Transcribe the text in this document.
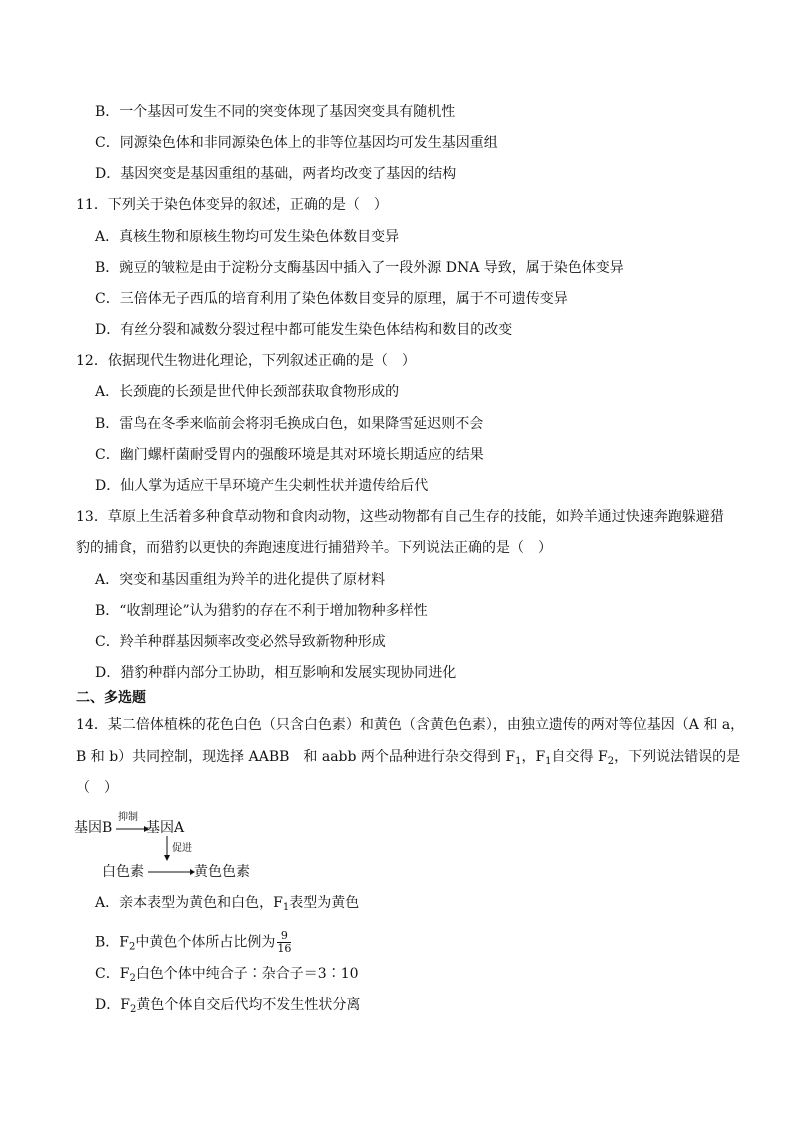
B．一个基因可发生不同的突变体现了基因突变具有随机性
C．同源染色体和非同源染色体上的非等位基因均可发生基因重组
D．基因突变是基因重组的基础，两者均改变了基因的结构
11．下列关于染色体变异的叙述，正确的是（　）
A．真核生物和原核生物均可发生染色体数目变异
B．豌豆的皱粒是由于淀粉分支酶基因中插入了一段外源 DNA 导致，属于染色体变异
C．三倍体无子西瓜的培育利用了染色体数目变异的原理，属于不可遗传变异
D．有丝分裂和减数分裂过程中都可能发生染色体结构和数目的改变
12．依据现代生物进化理论，下列叙述正确的是（　）
A．长颈鹿的长颈是世代伸长颈部获取食物形成的
B．雷鸟在冬季来临前会将羽毛换成白色，如果降雪延迟则不会
C．幽门螺杆菌耐受胃内的强酸环境是其对环境长期适应的结果
D．仙人掌为适应干旱环境产生尖刺性状并遗传给后代
13．草原上生活着多种食草动物和食肉动物，这些动物都有自己生存的技能，如羚羊通过快速奔跑躲避猎
豹的捕食，而猎豹以更快的奔跑速度进行捕猎羚羊。下列说法正确的是（　）
A．突变和基因重组为羚羊的进化提供了原材料
B．“收割理论”认为猎豹的存在不利于增加物种多样性
C．羚羊种群基因频率改变必然导致新物种形成
D．猎豹种群内部分工协助，相互影响和发展实现协同进化
二、多选题
14．某二倍体植株的花色白色（只含白色素）和黄色（含黄色色素），由独立遗传的两对等位基因（A 和 a，
B 和 b）共同控制，现选择 AABB　和 aabb 两个品种进行杂交得到 $F_1$，$F_1$自交得 $F_2$，下列说法错误的是
（　）
基因B
抑制
基因A
促进
白色素	黄色色素
A．亲本表型为黄色和白色，$F_1$表型为黄色
B．$F_2$中黄色个体所占比例为 $\frac{9}{16}$
C．$F_2$白色个体中纯合子∶杂合子＝3∶10
D．$F_2$黄色个体自交后代均不发生性状分离
